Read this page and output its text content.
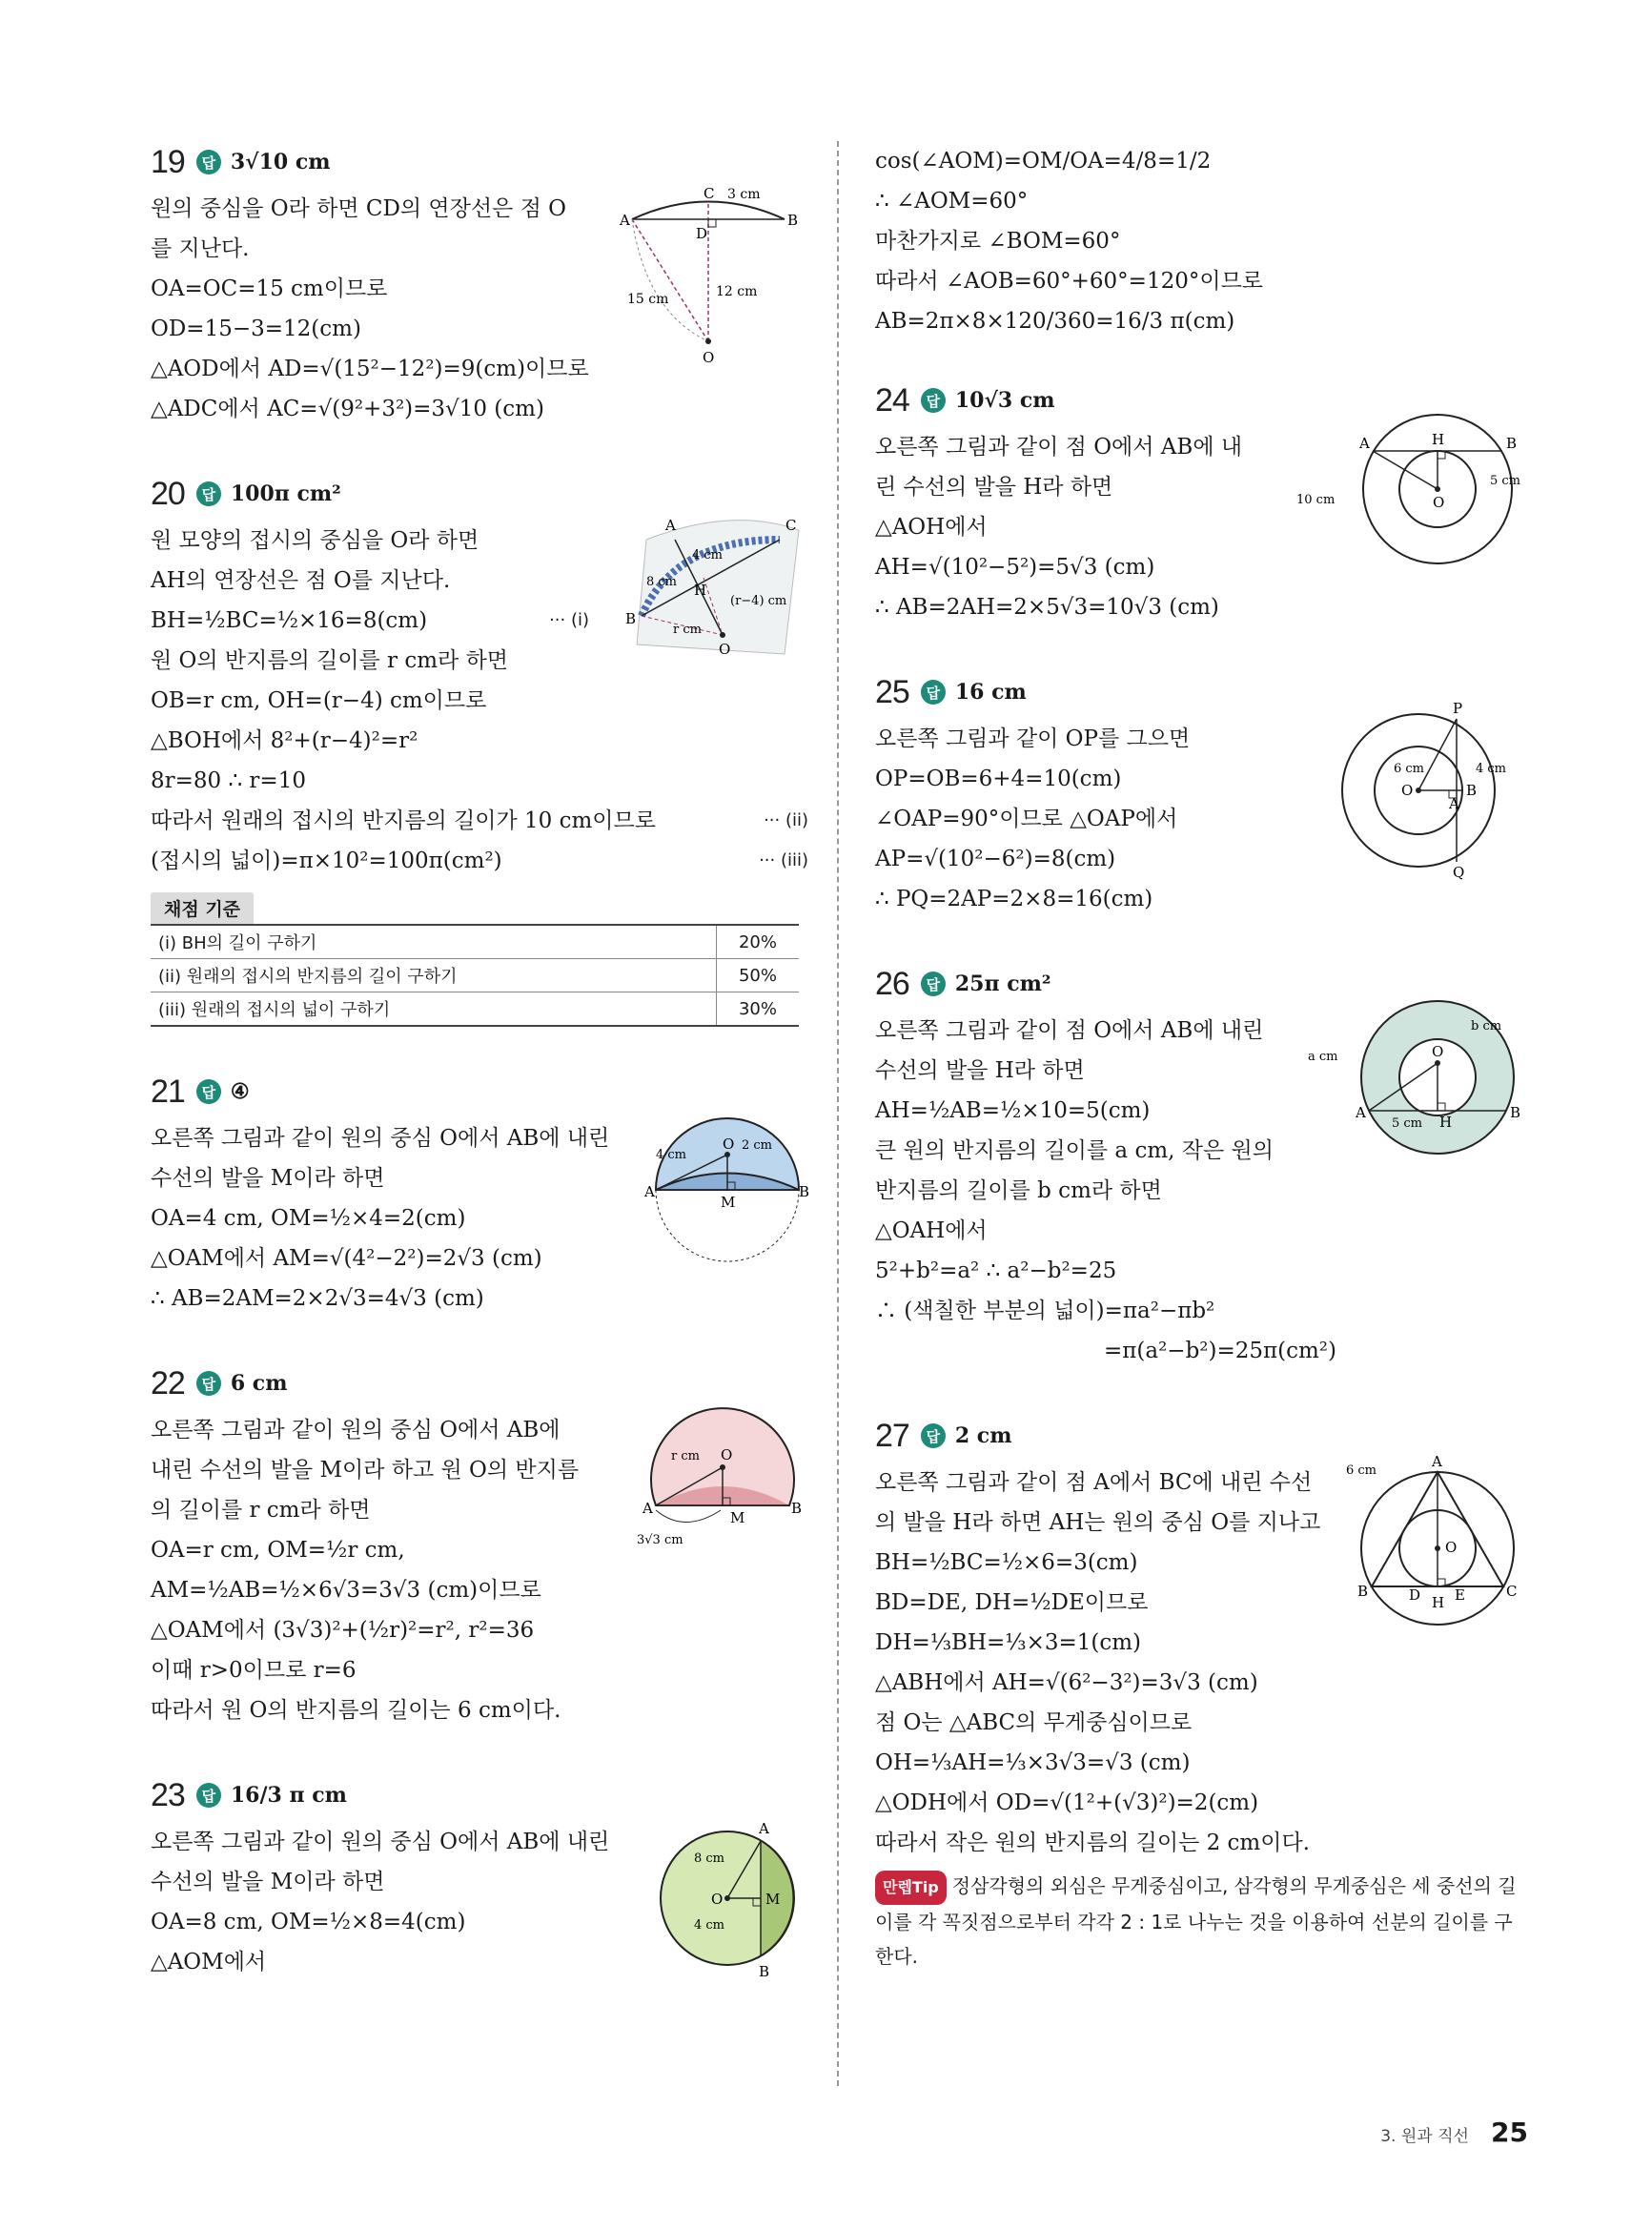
19	답 3√10 cm
원의 중심을 O라 하면 CD의 연장선은 점 O
를 지난다.
OA=OC=15 cm이므로
OD=15−3=12(cm)
△AOD에서 AD=√(15²−12²)=9(cm)이므로
△ADC에서 AC=√(9²+3²)=3√10 (cm)
A	B
C
D
O
3 cm
15 cm	12 cm
20	답 100π cm²
원 모양의 접시의 중심을 O라 하면
AH의 연장선은 점 O를 지난다.
BH=½BC=½×16=8(cm)	··· (i)
원 O의 반지름의 길이를 r cm라 하면
OB=r cm, OH=(r−4) cm이므로
△BOH에서 8²+(r−4)²=r²
8r=80 ∴ r=10
따라서 원래의 접시의 반지름의 길이가 10 cm이므로	··· (ii)
(접시의 넓이)=π×10²=100π(cm²)	··· (iii)
채점 기준
(i) BH의 길이 구하기	20%
(ii) 원래의 접시의 반지름의 길이 구하기	50%
(iii) 원래의 접시의 넓이 구하기	30%
A
B
C
H
O
4 cm
8 cm
r cm
(r−4) cm
21	답 ④
오른쪽 그림과 같이 원의 중심 O에서 AB에 내린
수선의 발을 M이라 하면
OA=4 cm, OM=½×4=2(cm)
△OAM에서 AM=√(4²−2²)=2√3 (cm)
∴ AB=2AM=2×2√3=4√3 (cm)
A	B
M
O
4 cm
2 cm
22	답 6 cm
오른쪽 그림과 같이 원의 중심 O에서 AB에
내린 수선의 발을 M이라 하고 원 O의 반지름
의 길이를 r cm라 하면
OA=r cm, OM=½r cm,
AM=½AB=½×6√3=3√3 (cm)이므로
△OAM에서 (3√3)²+(½r)²=r², r²=36
이때 r>0이므로 r=6
따라서 원 O의 반지름의 길이는 6 cm이다.
A	B
M
O
r cm
3√3 cm
23	답 16/3 π cm
오른쪽 그림과 같이 원의 중심 O에서 AB에 내린
수선의 발을 M이라 하면
OA=8 cm, OM=½×8=4(cm)
△AOM에서
A
B
M
O
8 cm
4 cm
cos(∠AOM)=OM/OA=4/8=1/2
∴ ∠AOM=60°
마찬가지로 ∠BOM=60°
따라서 ∠AOB=60°+60°=120°이므로
AB=2π×8×120/360=16/3 π(cm)
24	답 10√3 cm
오른쪽 그림과 같이 점 O에서 AB에 내
린 수선의 발을 H라 하면
△AOH에서
AH=√(10²−5²)=5√3 (cm)
∴ AB=2AH=2×5√3=10√3 (cm)
A	B
H
O
5 cm
10 cm
25	답 16 cm
오른쪽 그림과 같이 OP를 그으면
OP=OB=6+4=10(cm)
∠OAP=90°이므로 △OAP에서
AP=√(10²−6²)=8(cm)
∴ PQ=2AP=2×8=16(cm)
A
B
O
P
Q
6 cm	4 cm
26	답 25π cm²
오른쪽 그림과 같이 점 O에서 AB에 내린
수선의 발을 H라 하면
AH=½AB=½×10=5(cm)
큰 원의 반지름의 길이를 a cm, 작은 원의
반지름의 길이를 b cm라 하면
△OAH에서
5²+b²=a² ∴ a²−b²=25
∴ (색칠한 부분의 넓이)=πa²−πb²
=π(a²−b²)=25π(cm²)
A	B
H
O
a cm
b cm
5 cm
27	답 2 cm
오른쪽 그림과 같이 점 A에서 BC에 내린 수선
의 발을 H라 하면 AH는 원의 중심 O를 지나고
BH=½BC=½×6=3(cm)
BD=DE, DH=½DE이므로
DH=⅓BH=⅓×3=1(cm)
△ABH에서 AH=√(6²−3²)=3√3 (cm)
점 O는 △ABC의 무게중심이므로
OH=⅓AH=⅓×3√3=√3 (cm)
△ODH에서 OD=√(1²+(√3)²)=2(cm)
따라서 작은 원의 반지름의 길이는 2 cm이다.
만렙Tip 정삼각형의 외심은 무게중심이고, 삼각형의 무게중심은 세 중선의 길이를 각 꼭짓점으로부터 각각 2 : 1로 나누는 것을 이용하여 선분의 길이를 구한다.
A
B	C
D E
H
O
6 cm
3. 원과 직선 25
